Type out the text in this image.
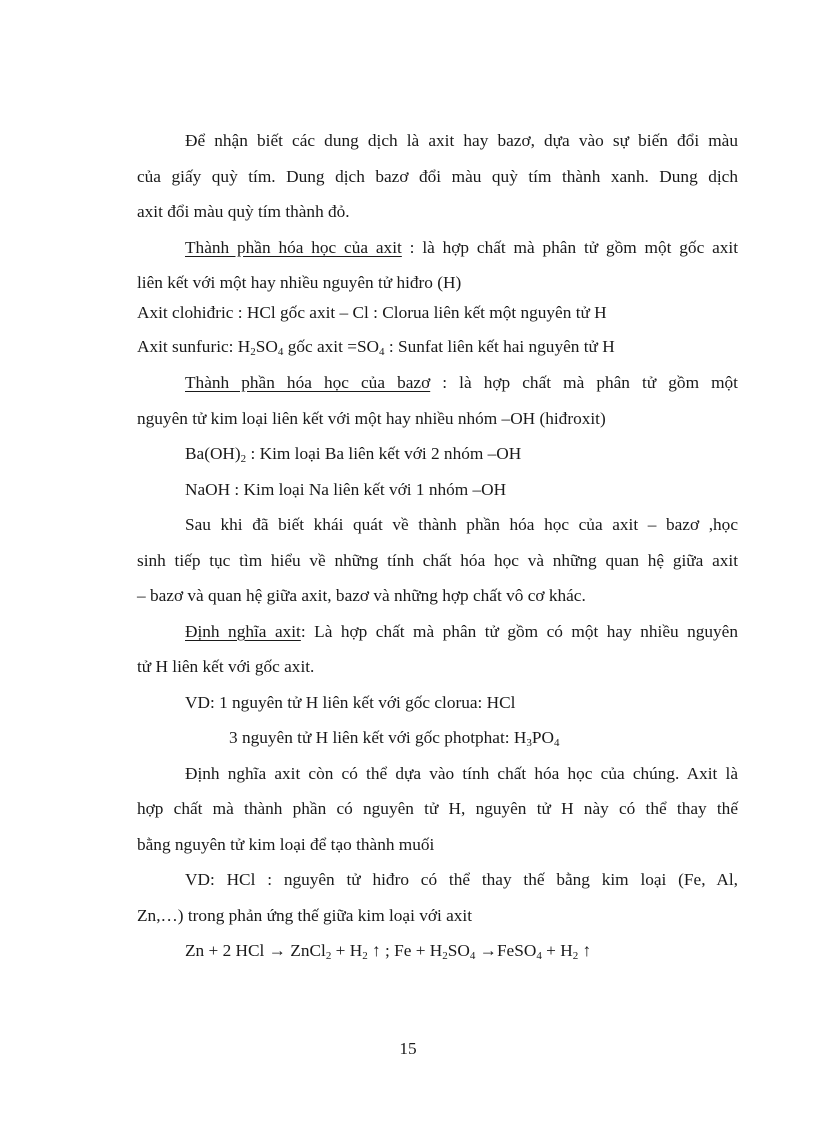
Để nhận biết các dung dịch là axit hay bazơ, dựa vào sự biến đổi màu
của giấy quỳ tím. Dung dịch bazơ đổi màu quỳ tím thành xanh. Dung dịch
axit đổi màu quỳ tím thành đỏ.
Thành phần hóa học của axit : là hợp chất mà phân tử gồm một gốc axit
liên kết với một hay nhiều nguyên tử hiđro (H)
Axit clohiđric : HCl gốc axit – Cl : Clorua liên kết một nguyên tử H
Axit sunfuric: $H_2SO_4$ gốc axit $=SO_4$ : Sunfat liên kết hai nguyên tử H
Thành phần hóa học của bazơ : là hợp chất mà phân tử gồm một
nguyên tử kim loại liên kết với một hay nhiều nhóm –OH (hiđroxit)
$Ba(OH)_2$ : Kim loại Ba liên kết với 2 nhóm –OH
NaOH : Kim loại Na liên kết với 1 nhóm –OH
Sau khi đã biết khái quát về thành phần hóa học của axit – bazơ ,học
sinh tiếp tục tìm hiểu về những tính chất hóa học và những quan hệ giữa axit
– bazơ và quan hệ giữa axit, bazơ và những hợp chất vô cơ khác.
Định nghĩa axit: Là hợp chất mà phân tử gồm có một hay nhiều nguyên
tử H liên kết với gốc axit.
VD: 1 nguyên tử H liên kết với gốc clorua: HCl
3 nguyên tử H liên kết với gốc photphat: $H_3PO_4$
Định nghĩa axit còn có thể dựa vào tính chất hóa học của chúng. Axit là
hợp chất mà thành phần có nguyên tử H, nguyên tử H này có thể thay thế
bằng nguyên tử kim loại để tạo thành muối
VD: HCl : nguyên tử hiđro có thể thay thế bằng kim loại (Fe, Al,
Zn,…) trong phản ứng thế giữa kim loại với axit
Zn + 2 HCl → ZnCl$_2$ + $H_2$ ↑ ; $Fe + H_2SO_4$ →FeSO$_4$ + $H_2$ ↑
15
